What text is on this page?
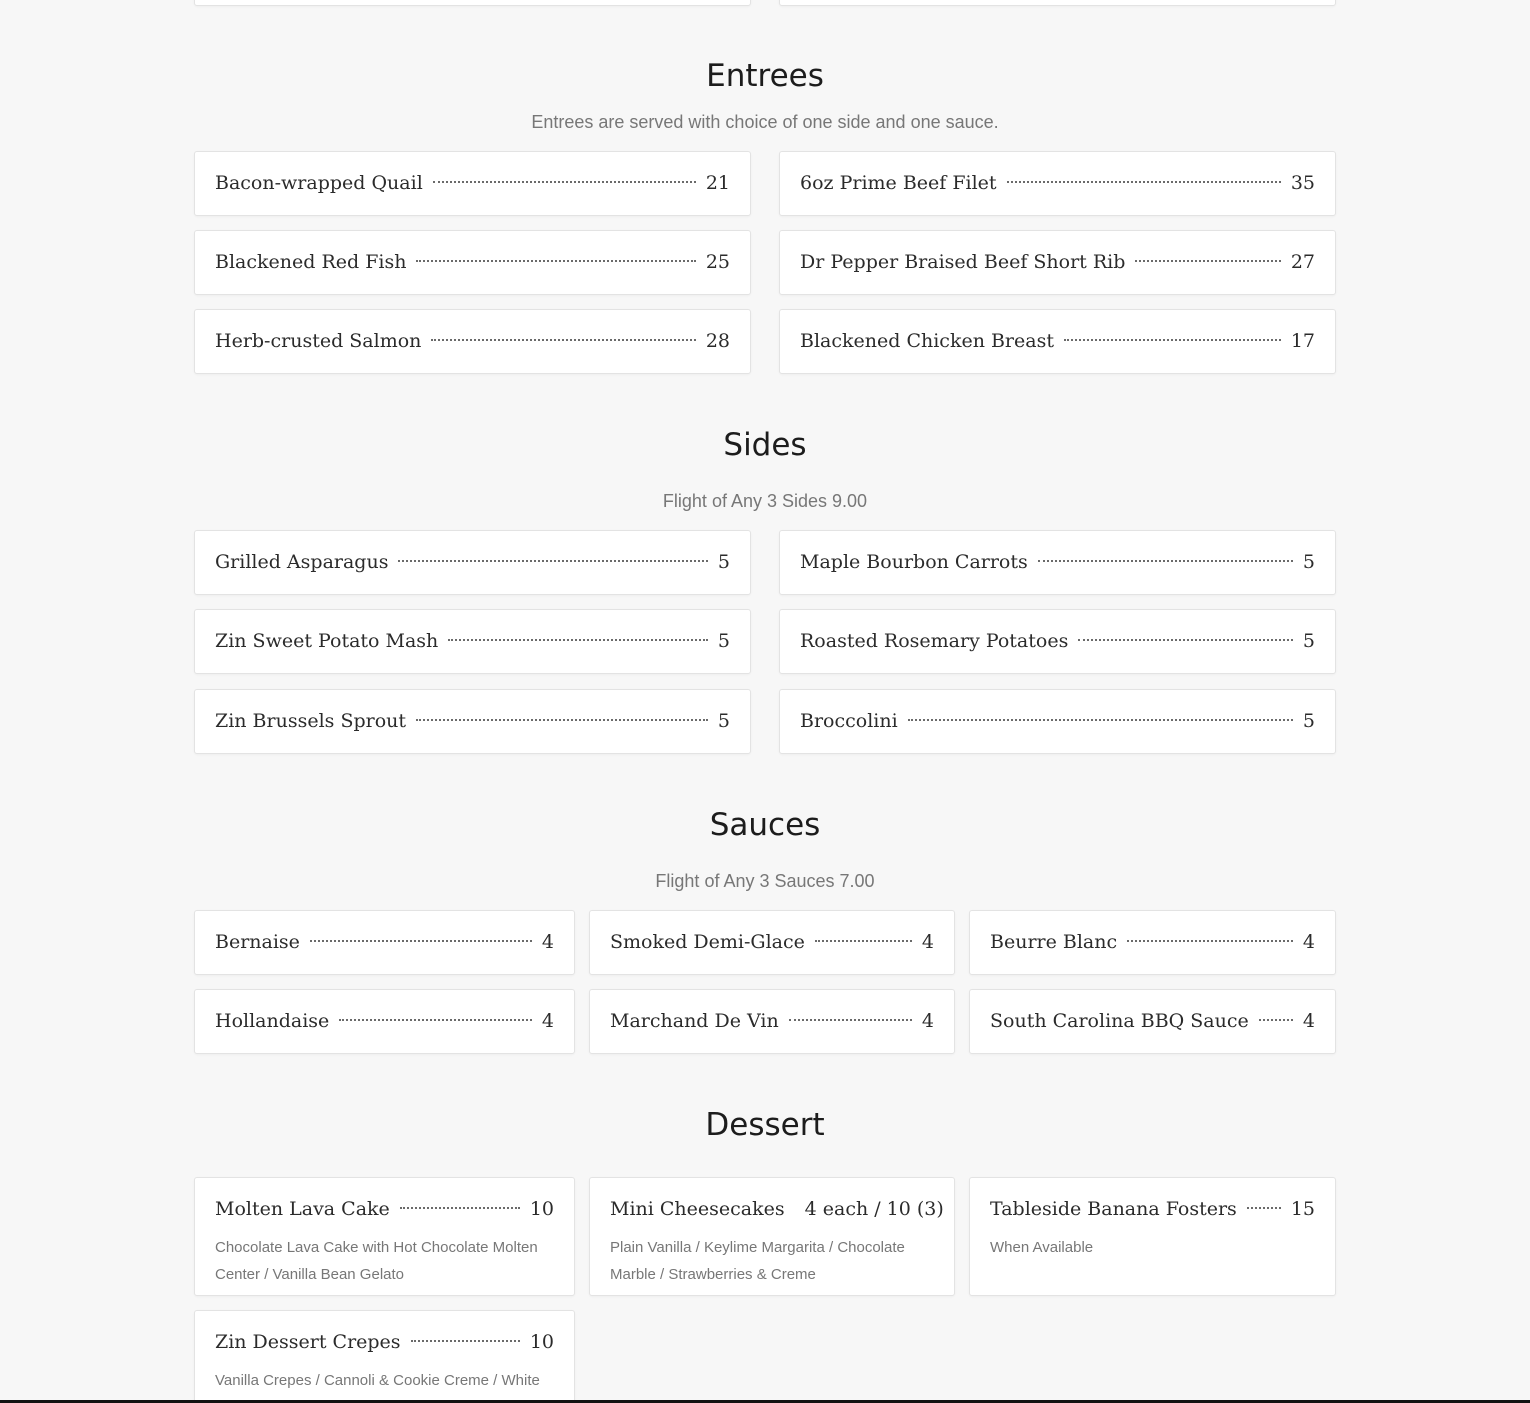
Entrees
Entrees are served with choice of one side and one sauce.
Bacon-wrapped Quail	21	6oz Prime Beef Filet	35
Blackened Red Fish	25	Dr Pepper Braised Beef Short Rib	27
Herb-crusted Salmon	28	Blackened Chicken Breast	17
Sides
Flight of Any 3 Sides 9.00
Grilled Asparagus	5	Maple Bourbon Carrots	5
Zin Sweet Potato Mash	5	Roasted Rosemary Potatoes	5
Zin Brussels Sprout	5	Broccolini	5
Sauces
Flight of Any 3 Sauces 7.00
Bernaise	4	Smoked Demi-Glace	4	Beurre Blanc	4
Hollandaise	4	Marchand De Vin	4	South Carolina BBQ Sauce	4
Dessert
Molten Lava Cake	10
Chocolate Lava Cake with Hot Chocolate Molten Center / Vanilla Bean Gelato
Mini Cheesecakes 4 each / 10 (3)
Plain Vanilla / Keylime Margarita / Chocolate Marble / Strawberries & Creme
Tableside Banana Fosters	15
When Available
Zin Dessert Crepes	10
Vanilla Crepes / Cannoli & Cookie Creme / White
